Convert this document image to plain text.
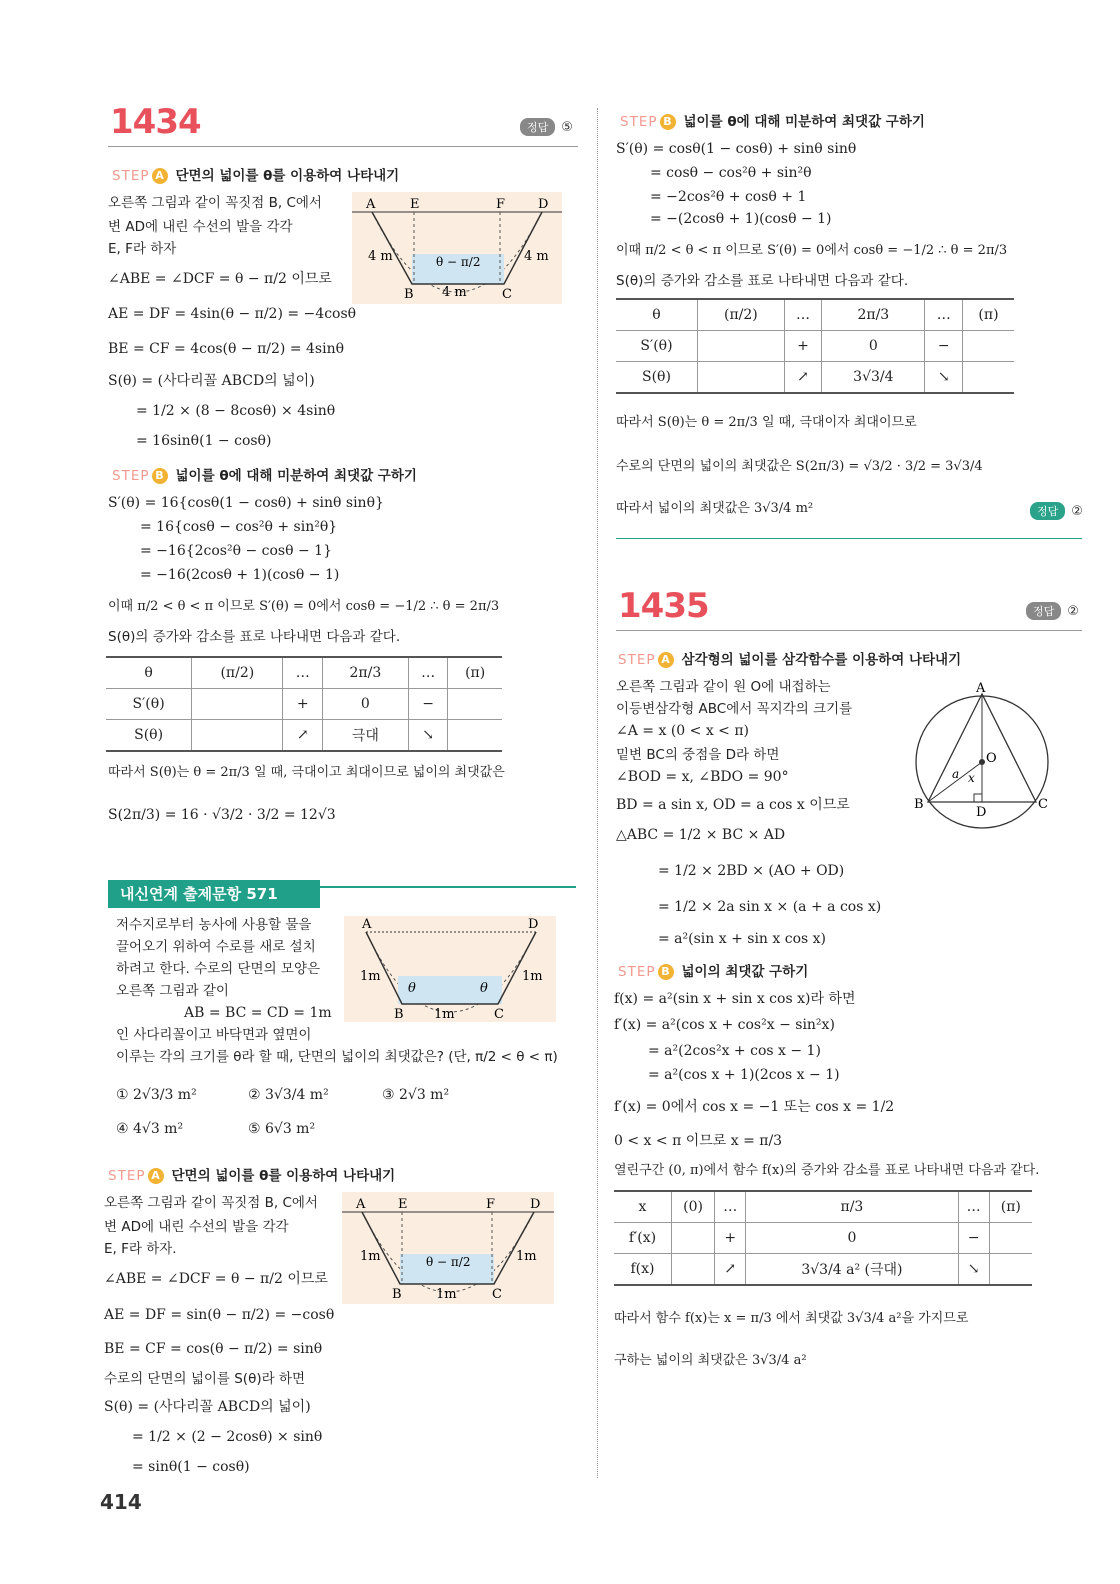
1434	정답 ⑤
STEP A 단면의 넓이를 θ를 이용하여 나타내기
오른쪽 그림과 같이 꼭짓점 B, C에서
변 AD에 내린 수선의 발을 각각
E, F라 하자
∠ABE = ∠DCF = θ − π/2 이므로
AE = DF = 4sin(θ − π/2) = −4cosθ
BE = CF = 4cos(θ − π/2) = 4sinθ
S(θ) = (사다리꼴 ABCD의 넓이)
= 1/2 × (8 − 8cosθ) × 4sinθ
= 16sinθ(1 − cosθ)
A	E	F	D
B	C
4 m	4 m
4 m
θ − π/2
STEP B 넓이를 θ에 대해 미분하여 최댓값 구하기
S′(θ) = 16{cosθ(1 − cosθ) + sinθ sinθ}
= 16{cosθ − cos²θ + sin²θ}
= −16{2cos²θ − cosθ − 1}
= −16(2cosθ + 1)(cosθ − 1)
이때 π/2 < θ < π 이므로 S′(θ) = 0에서 cosθ = −1/2 ∴ θ = 2π/3
S(θ)의 증가와 감소를 표로 나타내면 다음과 같다.
θ	(π/2)	…	2π/3	…	(π)
S′(θ)		+	0	−	
S(θ)		↗	극대	↘	
따라서 S(θ)는 θ = 2π/3 일 때, 극대이고 최대이므로 넓이의 최댓값은
S(2π/3) = 16 · √3/2 · 3/2 = 12√3
내신연계 출제문항 571
저수지로부터 농사에 사용할 물을
끌어오기 위하여 수로를 새로 설치
하려고 한다. 수로의 단면의 모양은
오른쪽 그림과 같이
AB = BC = CD = 1m
인 사다리꼴이고 바닥면과 옆면이
이루는 각의 크기를 θ라 할 때, 단면의 넓이의 최댓값은? (단, π/2 < θ < π)
A	D
B	C
1m	1m
1m
θ	θ
① 2√3/3 m²	② 3√3/4 m²	③ 2√3 m²
④ 4√3 m²	⑤ 6√3 m²
STEP A 단면의 넓이를 θ를 이용하여 나타내기
오른쪽 그림과 같이 꼭짓점 B, C에서
변 AD에 내린 수선의 발을 각각
E, F라 하자.
∠ABE = ∠DCF = θ − π/2 이므로
AE = DF = sin(θ − π/2) = −cosθ
BE = CF = cos(θ − π/2) = sinθ
수로의 단면의 넓이를 S(θ)라 하면
S(θ) = (사다리꼴 ABCD의 넓이)
= 1/2 × (2 − 2cosθ) × sinθ
= sinθ(1 − cosθ)
A	E	F	D
B	C
1m	1m
1m
θ − π/2
414
STEP B 넓이를 θ에 대해 미분하여 최댓값 구하기
S′(θ) = cosθ(1 − cosθ) + sinθ sinθ
= cosθ − cos²θ + sin²θ
= −2cos²θ + cosθ + 1
= −(2cosθ + 1)(cosθ − 1)
이때 π/2 < θ < π 이므로 S′(θ) = 0에서 cosθ = −1/2 ∴ θ = 2π/3
S(θ)의 증가와 감소를 표로 나타내면 다음과 같다.
θ	(π/2)	…	2π/3	…	(π)
S′(θ)		+	0	−	
S(θ)		↗	3√3/4	↘	
따라서 S(θ)는 θ = 2π/3 일 때, 극대이자 최대이므로
수로의 단면의 넓이의 최댓값은 S(2π/3) = √3/2 · 3/2 = 3√3/4
따라서 넓이의 최댓값은 3√3/4 m²	정답 ②
1435	정답 ②
STEP A 삼각형의 넓이를 삼각함수를 이용하여 나타내기
오른쪽 그림과 같이 원 O에 내접하는
이등변삼각형 ABC에서 꼭지각의 크기를
∠A = x (0 < x < π)
밑변 BC의 중점을 D라 하면
∠BOD = x, ∠BDO = 90°
BD = a sin x, OD = a cos x 이므로
△ABC = 1/2 × BC × AD
= 1/2 × 2BD × (AO + OD)
= 1/2 × 2a sin x × (a + a cos x)
= a²(sin x + sin x cos x)
A
B	C
D
O
a x
STEP B 넓이의 최댓값 구하기
f(x) = a²(sin x + sin x cos x)라 하면
f′(x) = a²(cos x + cos²x − sin²x)
= a²(2cos²x + cos x − 1)
= a²(cos x + 1)(2cos x − 1)
f′(x) = 0에서 cos x = −1 또는 cos x = 1/2
0 < x < π 이므로 x = π/3
열린구간 (0, π)에서 함수 f(x)의 증가와 감소를 표로 나타내면 다음과 같다.
x	(0)	…	π/3	…	(π)
f′(x)		+	0	−	
f(x)		↗	3√3/4 a² (극대)	↘	
따라서 함수 f(x)는 x = π/3 에서 최댓값 3√3/4 a²을 가지므로
구하는 넓이의 최댓값은 3√3/4 a²
